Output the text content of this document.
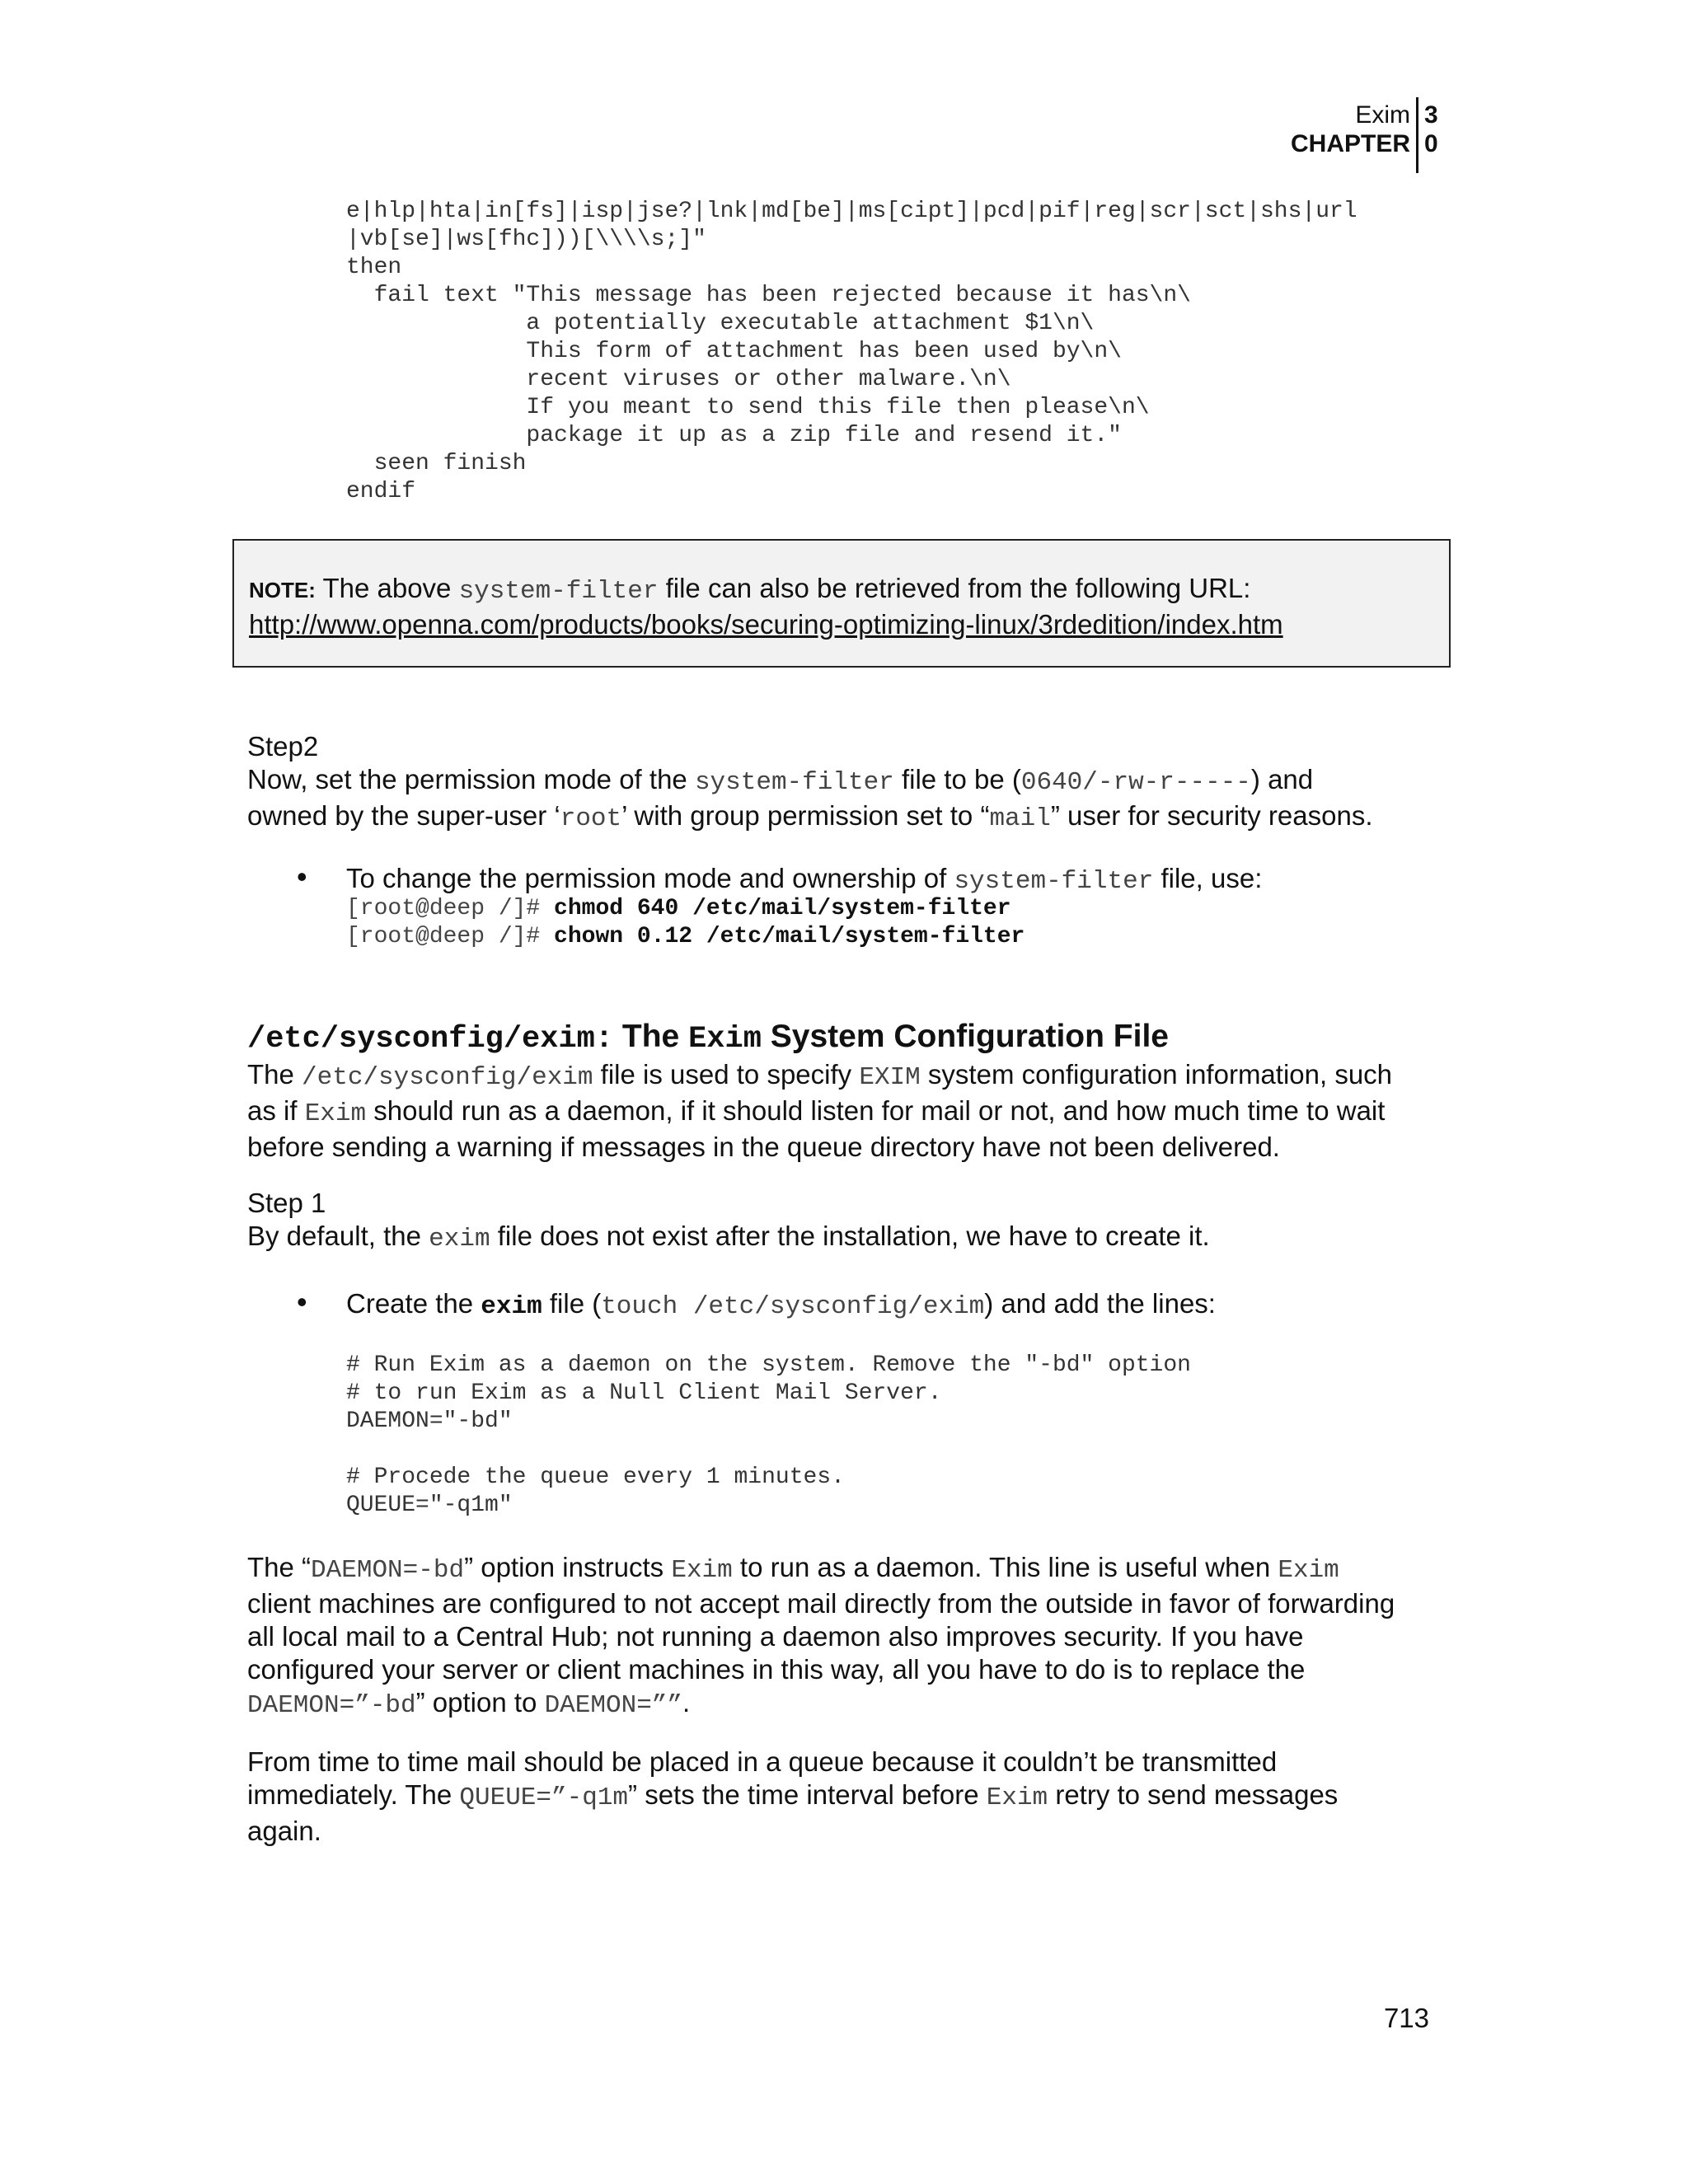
Exim
CHAPTER
3
0
e|hlp|hta|in[fs]|isp|jse?|lnk|md[be]|ms[cipt]|pcd|pif|reg|scr|sct|shs|url
|vb[se]|ws[fhc]))[\\\\s;]"
then
fail text "This message has been rejected because it has\n\
a potentially executable attachment $1\n\
This form of attachment has been used by\n\
recent viruses or other malware.\n\
If you meant to send this file then please\n\
package it up as a zip file and resend it."
seen finish
endif
NOTE: The above system-filter file can also be retrieved from the following URL:
http://www.openna.com/products/books/securing-optimizing-linux/3rdedition/index.htm
Step2
Now, set the permission mode of the system-filter file to be (0640/-rw-r-----) and
owned by the super-user ‘root’ with group permission set to “mail” user for security reasons.
• To change the permission mode and ownership of system-filter file, use:
[root@deep /]# chmod 640 /etc/mail/system-filter
[root@deep /]# chown 0.12 /etc/mail/system-filter
/etc/sysconfig/exim: The Exim System Configuration File
The /etc/sysconfig/exim file is used to specify EXIM system configuration information, such
as if Exim should run as a daemon, if it should listen for mail or not, and how much time to wait
before sending a warning if messages in the queue directory have not been delivered.
Step 1
By default, the exim file does not exist after the installation, we have to create it.
• Create the exim file (touch /etc/sysconfig/exim) and add the lines:
# Run Exim as a daemon on the system. Remove the "-bd" option
# to run Exim as a Null Client Mail Server.
DAEMON="-bd"

# Procede the queue every 1 minutes.
QUEUE="-q1m"
The “DAEMON=-bd” option instructs Exim to run as a daemon. This line is useful when Exim
client machines are configured to not accept mail directly from the outside in favor of forwarding
all local mail to a Central Hub; not running a daemon also improves security. If you have
configured your server or client machines in this way, all you have to do is to replace the
DAEMON=”-bd” option to DAEMON=””.
From time to time mail should be placed in a queue because it couldn’t be transmitted
immediately. The QUEUE=”-q1m” sets the time interval before Exim retry to send messages
again.
713
